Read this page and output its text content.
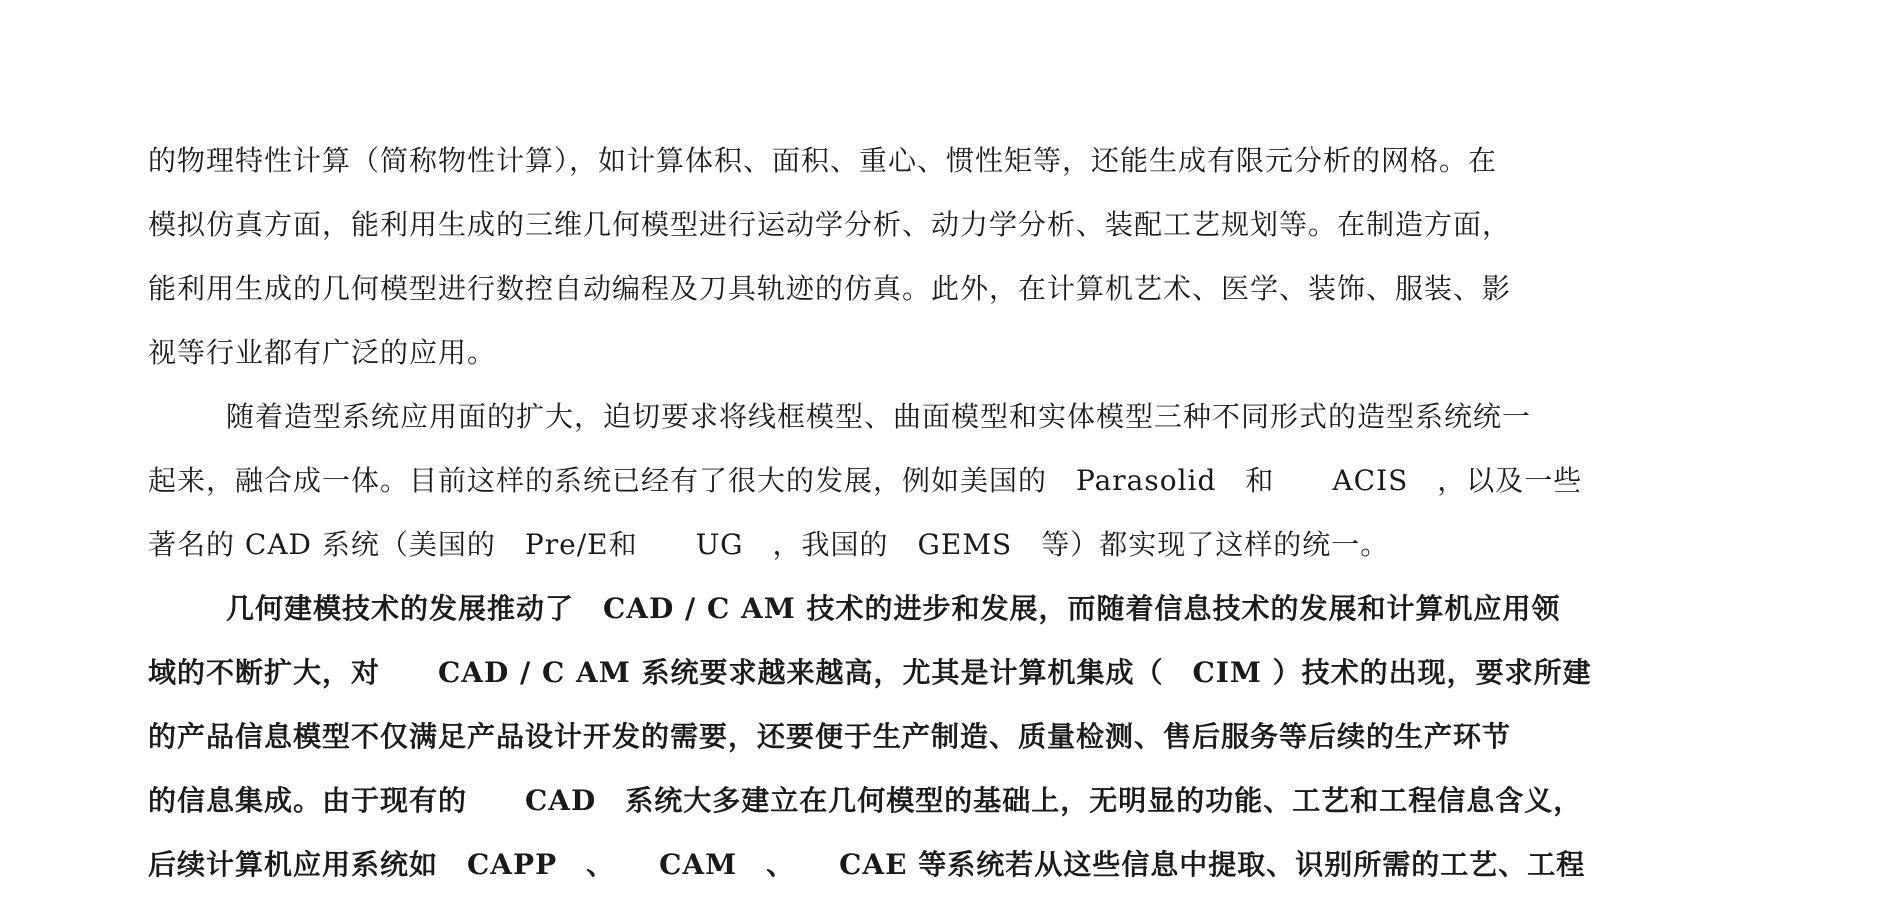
的物理特性计算（简称物性计算），如计算体积、面积、重心、惯性矩等，还能生成有限元分析的网格。在
模拟仿真方面，能利用生成的三维几何模型进行运动学分析、动力学分析、装配工艺规划等。在制造方面，
能利用生成的几何模型进行数控自动编程及刀具轨迹的仿真。此外，在计算机艺术、医学、装饰、服装、影
视等行业都有广泛的应用。
随着造型系统应用面的扩大，迫切要求将线框模型、曲面模型和实体模型三种不同形式的造型系统统一
起来，融合成一体。目前这样的系统已经有了很大的发展，例如美国的　Parasolid　和　　ACIS　，以及一些
著名的 CAD 系统（美国的　Pre/E和　　UG　，我国的　GEMS　等）都实现了这样的统一。
几何建模技术的发展推动了　CAD / C AM 技术的进步和发展，而随着信息技术的发展和计算机应用领
域的不断扩大，对　　CAD / C AM 系统要求越来越高，尤其是计算机集成（　CIM ）技术的出现，要求所建
的产品信息模型不仅满足产品设计开发的需要，还要便于生产制造、质量检测、售后服务等后续的生产环节
的信息集成。由于现有的　　CAD　系统大多建立在几何模型的基础上，无明显的功能、工艺和工程信息含义，
后续计算机应用系统如　CAPP　、　　CAM　、　　CAE 等系统若从这些信息中提取、识别所需的工艺、工程
